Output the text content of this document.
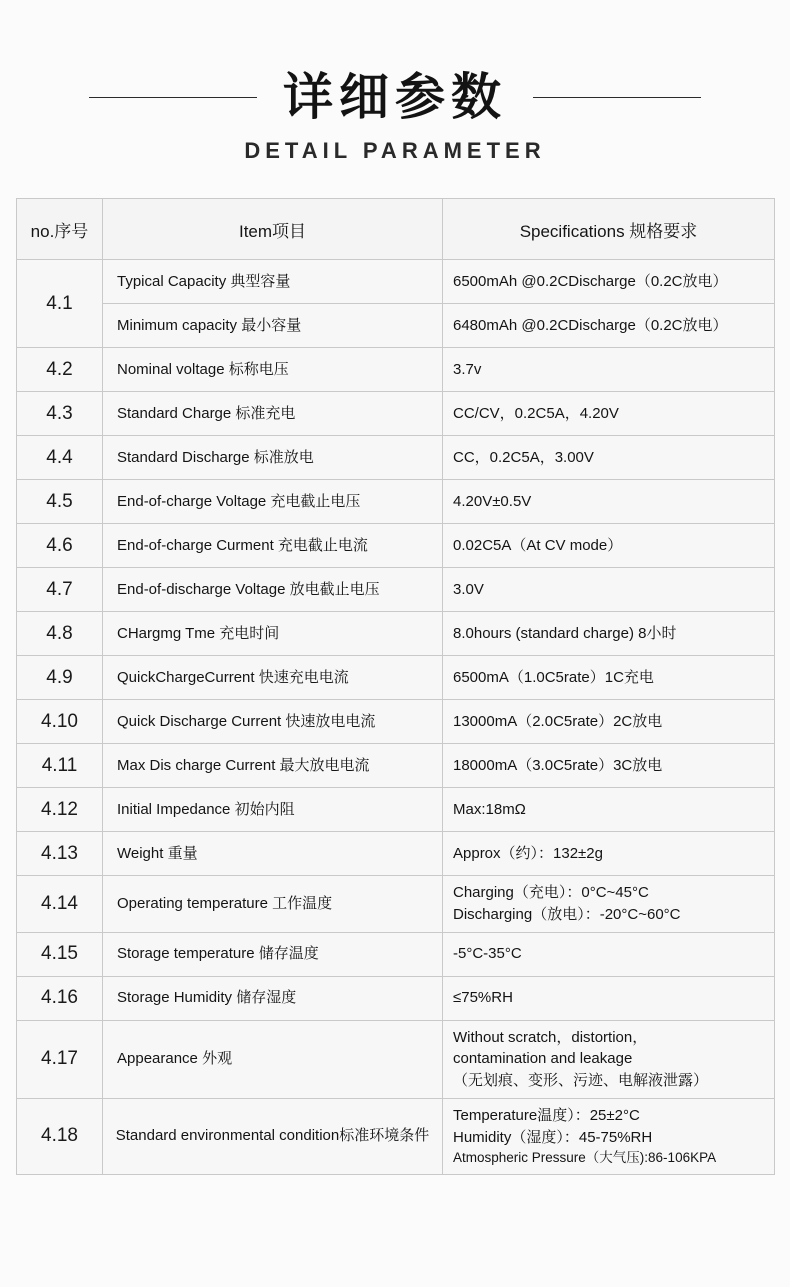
详细参数
DETAIL PARAMETER
no.序号	Item项目	Specifications 规格要求
4.1	Typical Capacity 典型容量	6500mAh @0.2CDischarge（0.2C放电）

	Minimum capacity 最小容量	6480mAh @0.2CDischarge（0.2C放电）

4.2	Nominal voltage 标称电压	3.7v

4.3	Standard Charge 标准充电	CC/CV，0.2C5A，4.20V

4.4	Standard Discharge 标准放电	CC，0.2C5A，3.00V

4.5	End-of-charge Voltage 充电截止电压	4.20V±0.5V

4.6	End-of-charge Curment 充电截止电流	0.02C5A（At CV mode）

4.7	End-of-discharge Voltage 放电截止电压	3.0V

4.8	CHargmg Tme 充电时间	8.0hours (standard charge) 8小时

4.9	QuickChargeCurrent 快速充电电流	6500mA（1.0C5rate）1C充电

4.10	Quick Discharge Current 快速放电电流	13000mA（2.0C5rate）2C放电

4.11	Max Dis charge Current 最大放电电流	18000mA（3.0C5rate）3C放电

4.12	Initial Impedance 初始内阻	Max:18mΩ

4.13	Weight 重量	Approx（约）：132±2g

4.14	Operating temperature 工作温度	Charging（充电）：0°C~45°C
Discharging（放电）：-20°C~60°C

4.15	Storage temperature 储存温度	-5°C-35°C

4.16	Storage Humidity 储存湿度	≤75%RH

4.17	Appearance 外观	Without scratch，distortion，
contamination and leakage
（无划痕、变形、污迹、电解液泄露）

4.18	Standard environmental condition标准环境条件	Temperature温度）：25±2°C
Humidity（湿度）：45-75%RH
Atmospheric Pressure（大气压):86-106KPA
